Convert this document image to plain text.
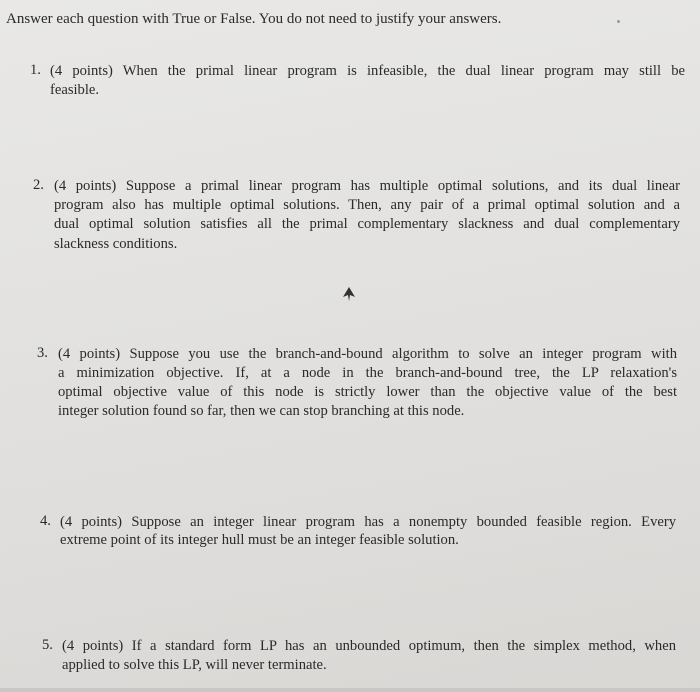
Answer each question with True or False. You do not need to justify your answers.
1. (4 points) When the primal linear program is infeasible, the dual linear program may still be
feasible.
2. (4 points) Suppose a primal linear program has multiple optimal solutions, and its dual linear
program also has multiple optimal solutions. Then, any pair of a primal optimal solution and a
dual optimal solution satisfies all the primal complementary slackness and dual complementary
slackness conditions.
3. (4 points) Suppose you use the branch-and-bound algorithm to solve an integer program with
a minimization objective. If, at a node in the branch-and-bound tree, the LP relaxation's
optimal objective value of this node is strictly lower than the objective value of the best
integer solution found so far, then we can stop branching at this node.
4. (4 points) Suppose an integer linear program has a nonempty bounded feasible region. Every
extreme point of its integer hull must be an integer feasible solution.
5. (4 points) If a standard form LP has an unbounded optimum, then the simplex method, when
applied to solve this LP, will never terminate.
